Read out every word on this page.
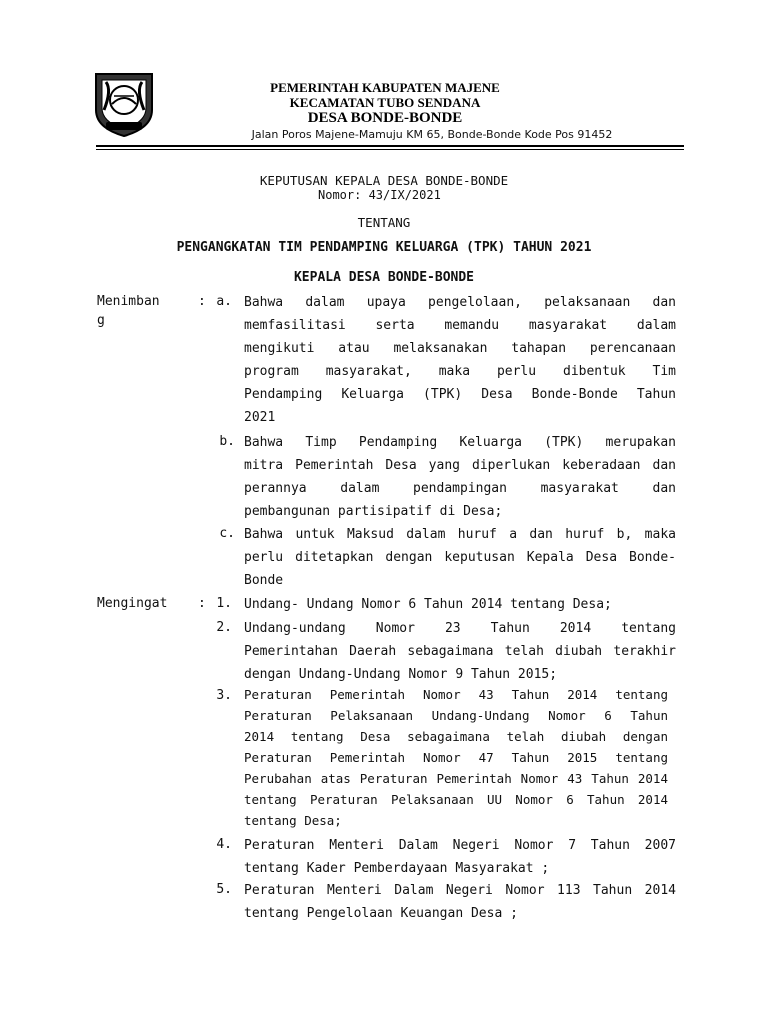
PEMERINTAH KABUPATEN MAJENE
KECAMATAN TUBO SENDANA
DESA BONDE-BONDE
Jalan Poros Majene-Mamuju KM 65, Bonde-Bonde Kode Pos 91452
KEPUTUSAN KEPALA DESA BONDE-BONDE
Nomor: 43/IX/2021
TENTANG
PENGANGKATAN TIM PENDAMPING KELUARGA (TPK) TAHUN 2021
KEPALA DESA BONDE-BONDE
Menimban
g
: a. Bahwa dalam upaya pengelolaan, pelaksanaan dan
memfasilitasi serta memandu masyarakat dalam
mengikuti atau melaksanakan tahapan perencanaan
program masyarakat, maka perlu dibentuk Tim
Pendamping Keluarga (TPK) Desa Bonde-Bonde Tahun
2021
b. Bahwa Timp Pendamping Keluarga (TPK) merupakan
mitra Pemerintah Desa yang diperlukan keberadaan dan
perannya dalam pendampingan masyarakat dan
pembangunan partisipatif di Desa;
c. Bahwa untuk Maksud dalam huruf a dan huruf b, maka
perlu ditetapkan dengan keputusan Kepala Desa Bonde-
Bonde
Mengingat : 1. Undang- Undang Nomor 6 Tahun 2014 tentang Desa;
2. Undang-undang Nomor 23 Tahun 2014 tentang
Pemerintahan Daerah sebagaimana telah diubah terakhir
dengan Undang-Undang Nomor 9 Tahun 2015;
3. Peraturan Pemerintah Nomor 43 Tahun 2014 tentang
Peraturan Pelaksanaan Undang-Undang Nomor 6 Tahun
2014 tentang Desa sebagaimana telah diubah dengan
Peraturan Pemerintah Nomor 47 Tahun 2015 tentang
Perubahan atas Peraturan Pemerintah Nomor 43 Tahun 2014
tentang Peraturan Pelaksanaan UU Nomor 6 Tahun 2014
tentang Desa;
4. Peraturan Menteri Dalam Negeri Nomor 7 Tahun 2007
tentang Kader Pemberdayaan Masyarakat ;
5. Peraturan Menteri Dalam Negeri Nomor 113 Tahun 2014
tentang Pengelolaan Keuangan Desa ;
